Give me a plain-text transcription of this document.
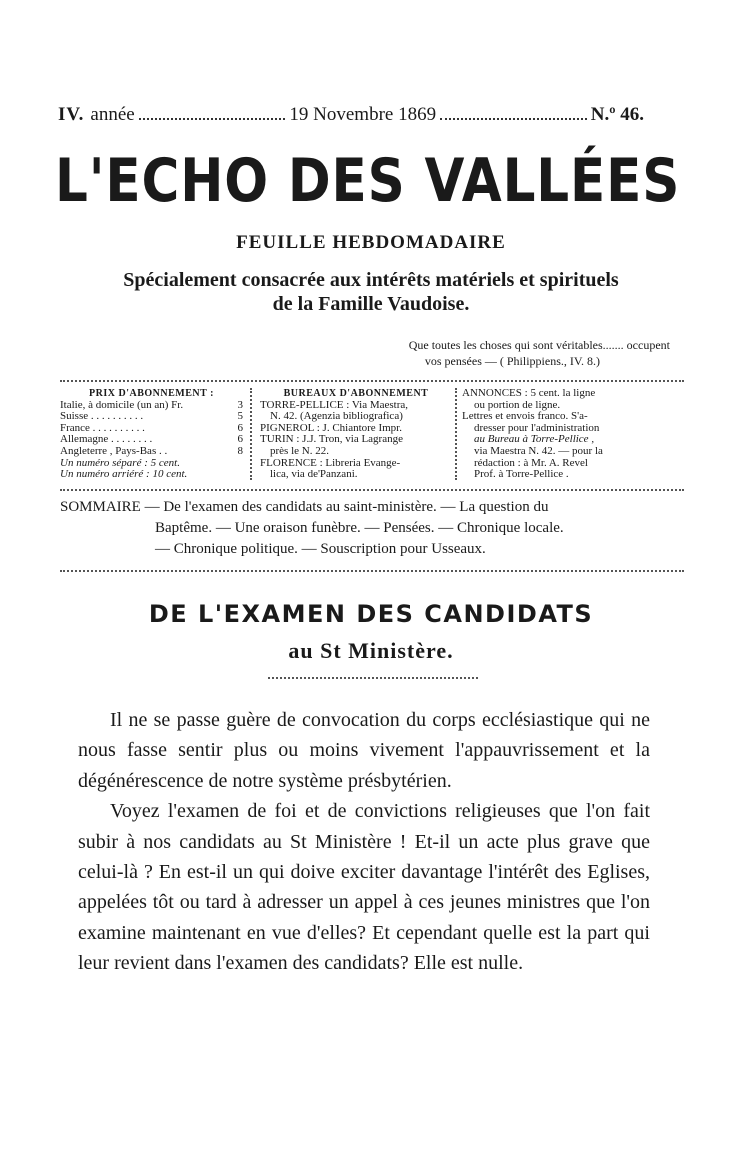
IV. année	19 Novembre 1869	N.º 46.
L'ECHO DES VALLÉES
FEUILLE HEBDOMADAIRE
Spécialement consacrée aux intérêts matériels et spirituels
de la Famille Vaudoise.
Que toutes les choses qui sont véritables....... occupent
vos pensées — ( Philippiens., IV. 8.)
PRIX D'ABONNEMENT :
Italie, à domicile (un an) Fr.	3
Suisse . . . . . . . . . .	5
France . . . . . . . . . .	6
Allemagne . . . . . . . .	6
Angleterre , Pays-Bas . .	8
Un numéro séparé : 5 cent.
Un numéro arriéré : 10 cent.
BUREAUX D'ABONNEMENT
TORRE-PELLICE : Via Maestra,
N. 42. (Agenzia bibliografica)
PIGNEROL : J. Chiantore Impr.
TURIN : J.J. Tron, via Lagrange
près le N. 22.
FLORENCE : Libreria Evange-
lica, via de'Panzani.
ANNONCES : 5 cent. la ligne
ou portion de ligne.
Lettres et envois franco. S'a-
dresser pour l'administration
au Bureau à Torre-Pellice ,
via Maestra N. 42. — pour la
rédaction : à Mr. A. Revel
Prof. à Torre-Pellice .
SOMMAIRE — De l'examen des candidats au saint-ministère. — La question du
Baptême. — Une oraison funèbre. — Pensées. — Chronique locale.
— Chronique politique. — Souscription pour Usseaux.
DE L'EXAMEN DES CANDIDATS
au St Ministère.

Il ne se passe guère de convocation du corps ecclésiastique qui ne nous fasse sentir plus ou moins vivement l'appauvrissement et la dégénérescence de notre système présbytérien.

Voyez l'examen de foi et de convictions religieuses que l'on fait subir à nos candidats au St Ministère ! Et-il un acte plus grave que celui-là ? En est-il un qui doive exciter davantage l'intérêt des Eglises, appelées tôt ou tard à adresser un appel à ces jeunes ministres que l'on examine maintenant en vue d'elles? Et cependant quelle est la part qui leur revient dans l'examen des candidats? Elle est nulle.
